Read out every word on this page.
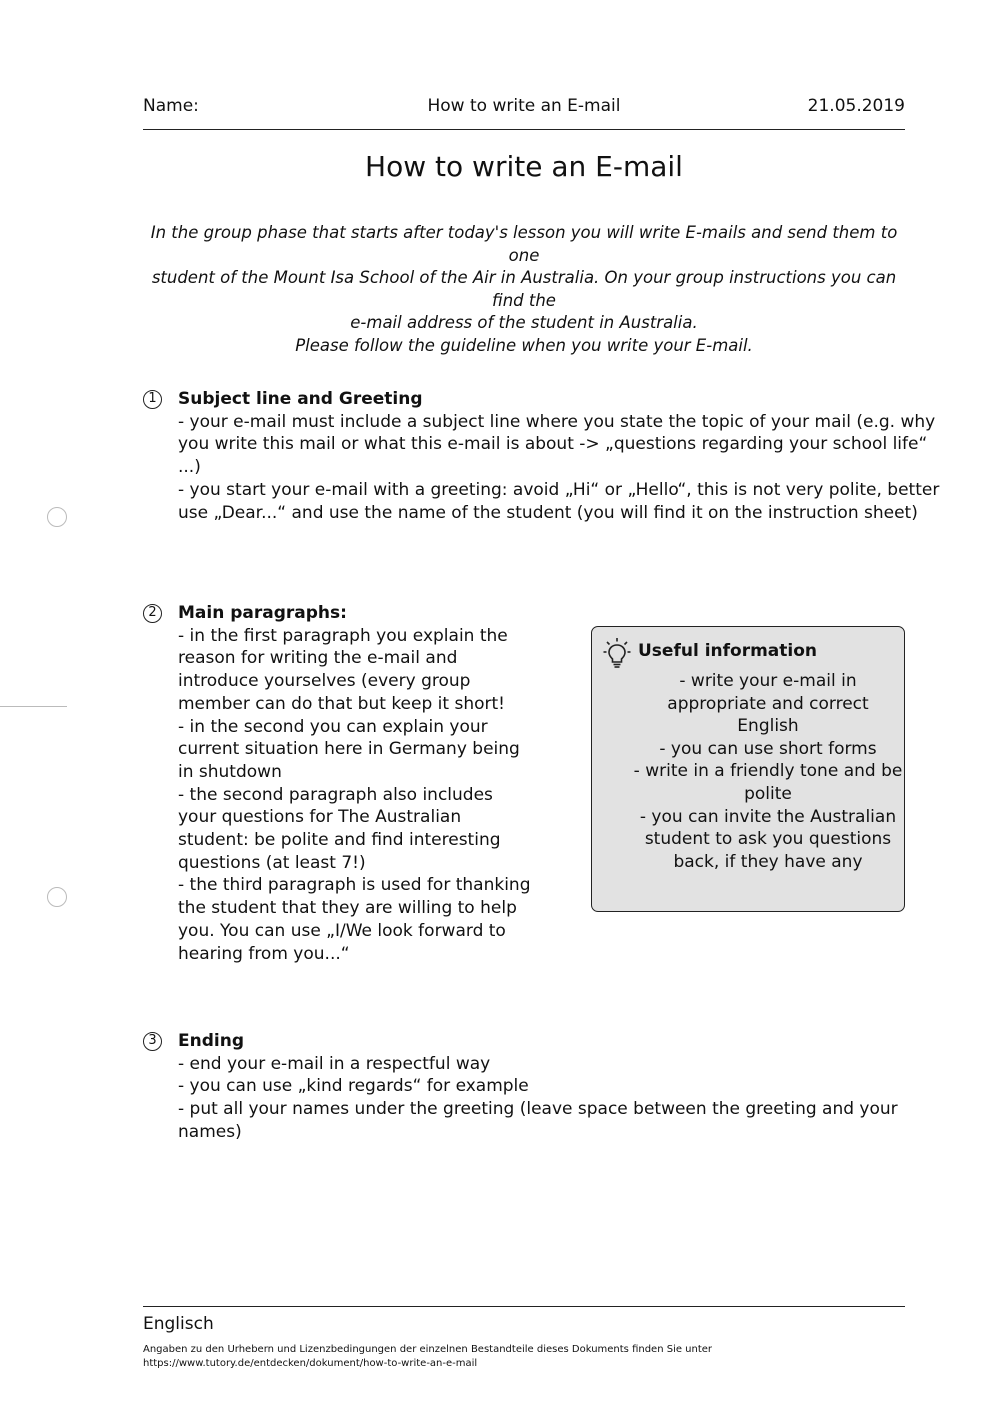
Name:	How to write an E-mail	21.05.2019
How to write an E-mail
In the group phase that starts after today's lesson you will write E-mails and send them to one
student of the Mount Isa School of the Air in Australia. On your group instructions you can find the
e-mail address of the student in Australia.
Please follow the guideline when you write your E-mail.
1	Subject line and Greeting
- your e-mail must include a subject line where you state the topic of your mail (e.g. why
you write this mail or what this e-mail is about -> „questions regarding your school life“
...)
- you start your e-mail with a greeting: avoid „Hi“ or „Hello“, this is not very polite, better
use „Dear...“ and use the name of the student (you will find it on the instruction sheet)
2	Main paragraphs:
- in the first paragraph you explain the
reason for writing the e-mail and
introduce yourselves (every group
member can do that but keep it short!
- in the second you can explain your
current situation here in Germany being
in shutdown
- the second paragraph also includes
your questions for The Australian
student: be polite and find interesting
questions (at least 7!)
- the third paragraph is used for thanking
the student that they are willing to help
you. You can use „I/We look forward to
hearing from you...“
Useful information
- write your e-mail in
appropriate and correct
English
- you can use short forms
- write in a friendly tone and be
polite
- you can invite the Australian
student to ask you questions
back, if they have any
3	Ending
- end your e-mail in a respectful way
- you can use „kind regards“ for example
- put all your names under the greeting (leave space between the greeting and your
names)
Englisch
Angaben zu den Urhebern und Lizenzbedingungen der einzelnen Bestandteile dieses Dokuments finden Sie unter
https://www.tutory.de/entdecken/dokument/how-to-write-an-e-mail
